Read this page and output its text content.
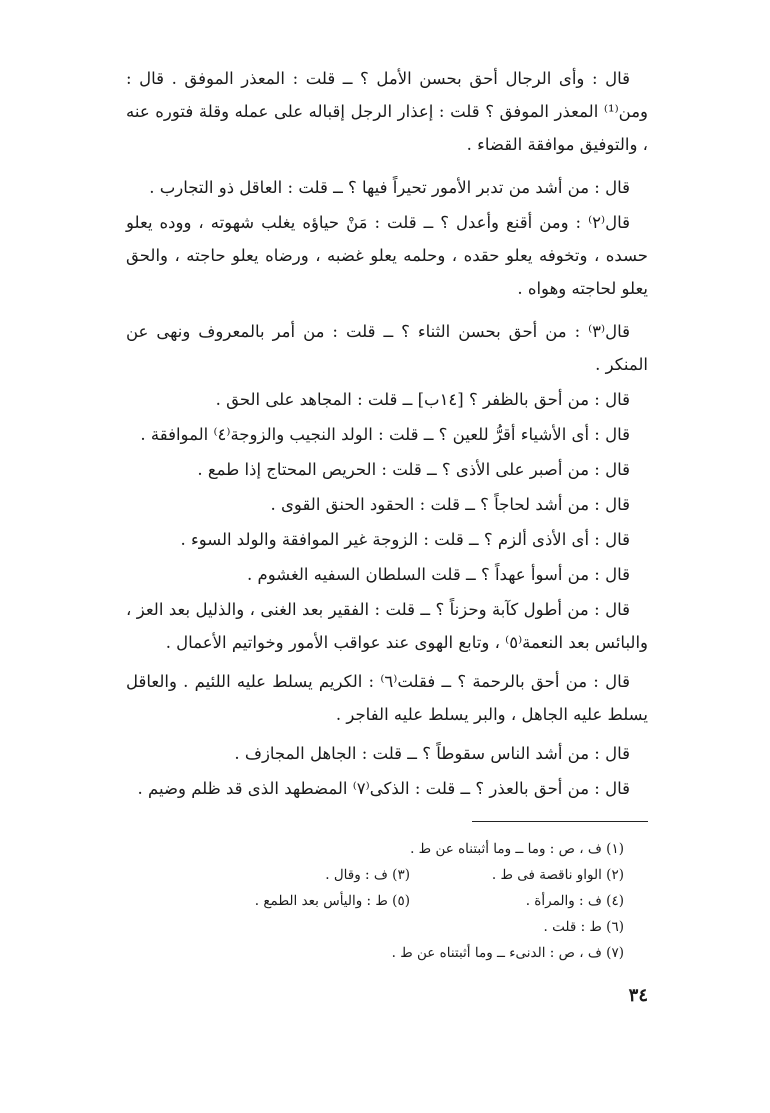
قال : وأى الرجال أحق بحسن الأمل ؟ ــ قلت : المعذر الموفق . قال : ومن⁽¹⁾ المعذر الموفق ؟ قلت : إعذار الرجل إقباله على عمله وقلة فتوره عنه ، والتوفيق موافقة القضاء .

قال : من أشد من تدبر الأمور تحيراً فيها ؟ ــ قلت : العاقل ذو التجارب .

قال⁽٢⁾ : ومن أقنع وأعدل ؟ ــ قلت : مَنْ حياؤه يغلب شهوته ، ووده يعلو حسده ، وتخوفه يعلو حقده ، وحلمه يعلو غضبه ، ورضاه يعلو حاجته ، والحق يعلو لحاجته وهواه .

قال⁽٣⁾ : من أحق بحسن الثناء ؟ ــ قلت : من أمر بالمعروف ونهى عن المنكر .

قال : من أحق بالظفر ؟ [١٤ب] ــ قلت : المجاهد على الحق .

قال : أى الأشياء أقرُّ للعين ؟ ــ قلت : الولد النجيب والزوجة⁽٤⁾ الموافقة .

قال : من أصبر على الأذى ؟ ــ قلت : الحريص المحتاج إذا طمع .

قال : من أشد لحاجاً ؟ ــ قلت : الحقود الحنق القوى .

قال : أى الأذى ألزم ؟ ــ قلت : الزوجة غير الموافقة والولد السوء .

قال : من أسوأ عهداً ؟ ــ قلت السلطان السفيه الغشوم .

قال : من أطول كآبة وحزناً ؟ ــ قلت : الفقير بعد الغنى ، والذليل بعد العز ، والبائس بعد النعمة⁽٥⁾ ، وتابع الهوى عند عواقب الأمور وخواتيم الأعمال .

قال : من أحق بالرحمة ؟ ــ فقلت⁽٦⁾ : الكريم يسلط عليه اللئيم . والعاقل يسلط عليه الجاهل ، والبر يسلط عليه الفاجر .

قال : من أشد الناس سقوطاً ؟ ــ قلت : الجاهل المجازف .

قال : من أحق بالعذر ؟ ــ قلت : الذكى⁽٧⁾ المضطهد الذى قد ظلم وضيم .

(١) ف ، ص : وما ــ وما أثبتناه عن ط .
(٢) الواو ناقصة فى ط .
(٣) ف : وقال .
(٤) ف : والمرأة .
(٥) ط : واليأس بعد الطمع .
(٦) ط : قلت .
(٧) ف ، ص : الدنىء ــ وما أثبتناه عن ط .
٣٤
